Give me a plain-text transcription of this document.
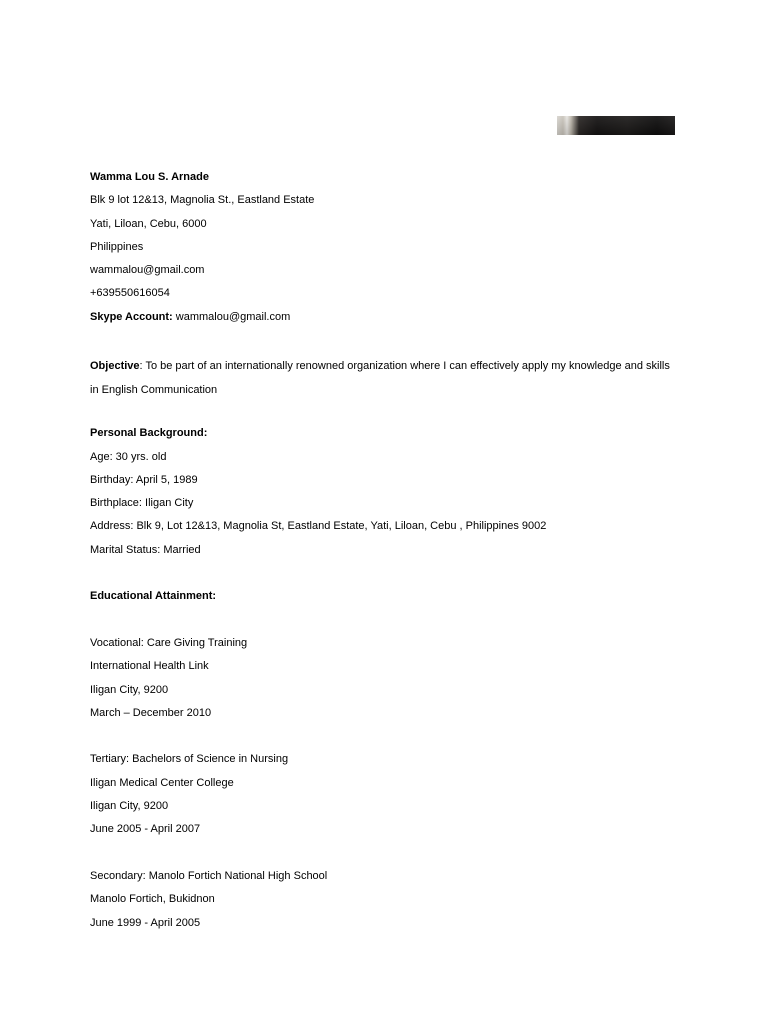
Wamma Lou S. Arnade
Blk 9 lot 12&13, Magnolia St., Eastland Estate
Yati, Liloan, Cebu, 6000
Philippines
wammalou@gmail.com
+639550616054
Skype Account: wammalou@gmail.com
Objective: To be part of an internationally renowned organization where I can effectively apply my knowledge and skills in English Communication
Personal Background:
Age: 30 yrs. old
Birthday: April 5, 1989
Birthplace: Iligan City
Address: Blk 9, Lot 12&13, Magnolia St, Eastland Estate, Yati, Liloan, Cebu , Philippines 9002
Marital Status: Married
Educational Attainment:
Vocational: Care Giving Training
International Health Link
Iligan City, 9200
March – December 2010
Tertiary: Bachelors of Science in Nursing
Iligan Medical Center College
Iligan City, 9200
June 2005 - April 2007
Secondary: Manolo Fortich National High School
Manolo Fortich, Bukidnon
June 1999 - April 2005
